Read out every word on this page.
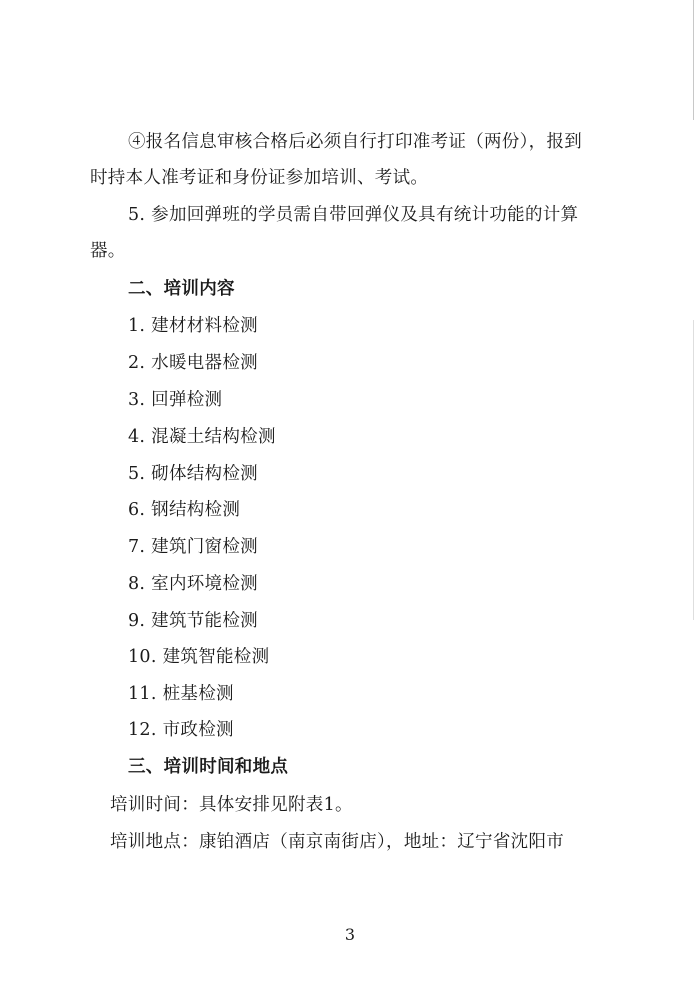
④报名信息审核合格后必须自行打印准考证（两份），报到
时持本人准考证和身份证参加培训、考试。
5. 参加回弹班的学员需自带回弹仪及具有统计功能的计算
器。
二、培训内容
1. 建材材料检测
2. 水暖电器检测
3. 回弹检测
4. 混凝土结构检测
5. 砌体结构检测
6. 钢结构检测
7. 建筑门窗检测
8. 室内环境检测
9. 建筑节能检测
10. 建筑智能检测
11. 桩基检测
12. 市政检测
三、培训时间和地点
培训时间：具体安排见附表1。
培训地点：康铂酒店（南京南街店），地址：辽宁省沈阳市
3
